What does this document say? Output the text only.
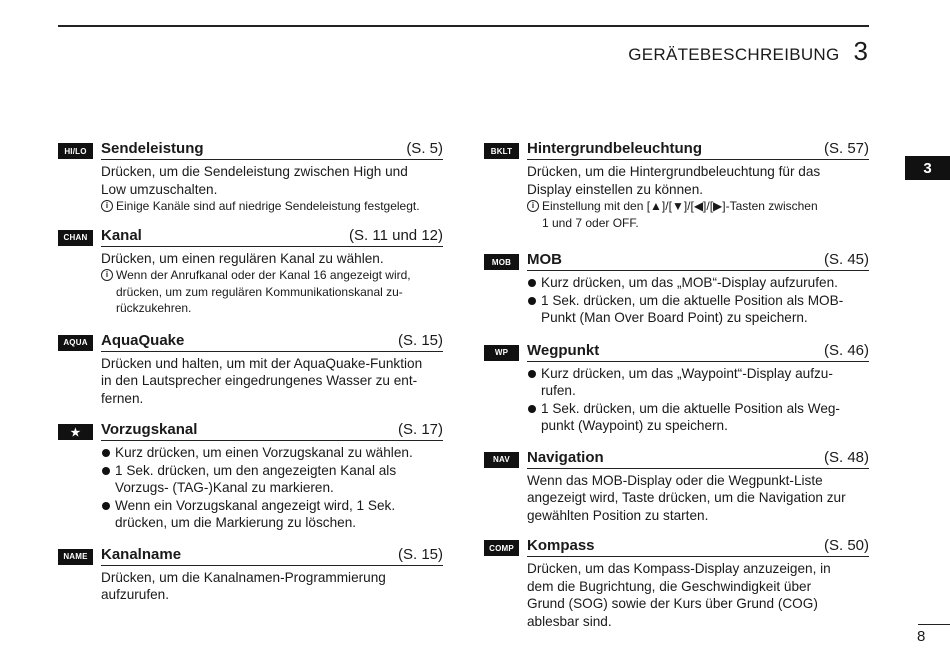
GERÄTEBESCHREIBUNG 3
3
HI/LO Sendeleistung	(S. 5)
Drücken, um die Sendeleistung zwischen High und
Low umzuschalten.
i Einige Kanäle sind auf niedrige Sendeleistung festgelegt.
CHAN Kanal	(S. 11 und 12)
Drücken, um einen regulären Kanal zu wählen.
i Wenn der Anrufkanal oder der Kanal 16 angezeigt wird,
drücken, um zum regulären Kommunikationskanal zu-
rückzukehren.
AQUA AquaQuake	(S. 15)
Drücken und halten, um mit der AquaQuake-Funktion
in den Lautsprecher eingedrungenes Wasser zu ent-
fernen.
★	Vorzugskanal	(S. 17)
Kurz drücken, um einen Vorzugskanal zu wählen.
1 Sek. drücken, um den angezeigten Kanal als
Vorzugs- (TAG-)Kanal zu markieren.
Wenn ein Vorzugskanal angezeigt wird, 1 Sek.
drücken, um die Markierung zu löschen.
NAME Kanalname	(S. 15)
Drücken, um die Kanalnamen-Programmierung
aufzurufen.
BKLT Hintergrundbeleuchtung	(S. 57)
Drücken, um die Hintergrundbeleuchtung für das
Display einstellen zu können.
i Einstellung mit den [▲]/[▼]/[◀]/[▶]-Tasten zwischen
1 und 7 oder OFF.
MOB	MOB	(S. 45)
Kurz drücken, um das „MOB“-Display aufzurufen.
1 Sek. drücken, um die aktuelle Position als MOB-
Punkt (Man Over Board Point) zu speichern.
WP	Wegpunkt	(S. 46)
Kurz drücken, um das „Waypoint“-Display aufzu-
rufen.
1 Sek. drücken, um die aktuelle Position als Weg-
punkt (Waypoint) zu speichern.
NAV	Navigation	(S. 48)
Wenn das MOB-Display oder die Wegpunkt-Liste
angezeigt wird, Taste drücken, um die Navigation zur
gewählten Position zu starten.
COMP Kompass	(S. 50)
Drücken, um das Kompass-Display anzuzeigen, in
dem die Bugrichtung, die Geschwindigkeit über
Grund (SOG) sowie der Kurs über Grund (COG)
ablesbar sind.
8
